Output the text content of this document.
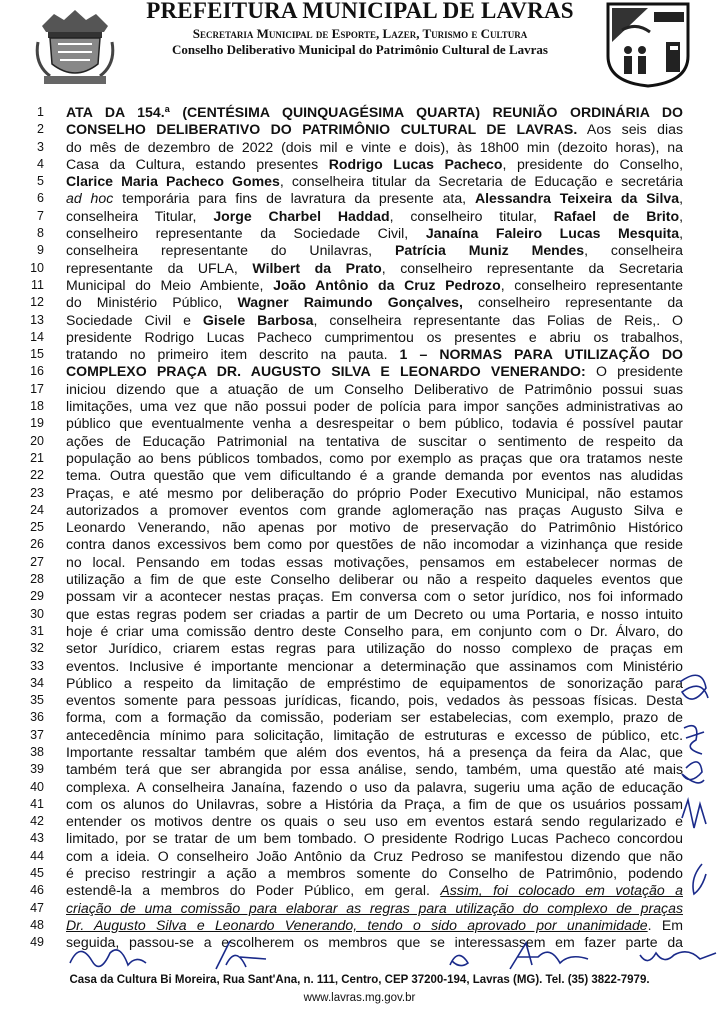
PREFEITURA MUNICIPAL DE LAVRAS
Secretaria Municipal de Esporte, Lazer, Turismo e Cultura
Conselho Deliberativo Municipal do Patrimônio Cultural de Lavras
1 ATA DA 154.ª (CENTÉSIMA QUINQUAGÉSIMA QUARTA) REUNIÃO ORDINÁRIA DO
2 CONSELHO DELIBERATIVO DO PATRIMÔNIO CULTURAL DE LAVRAS. Aos seis dias
3 do mês de dezembro de 2022 (dois mil e vinte e dois), às 18h00 min (dezoito horas), na
4 Casa da Cultura, estando presentes Rodrigo Lucas Pacheco, presidente do Conselho,
5 Clarice Maria Pacheco Gomes, conselheira titular da Secretaria de Educação e secretária
6 ad hoc temporária para fins de lavratura da presente ata, Alessandra Teixeira da Silva,
7 conselheira Titular, Jorge Charbel Haddad, conselheiro titular, Rafael de Brito,
8 conselheiro representante da Sociedade Civil, Janaína Faleiro Lucas Mesquita,
9 conselheira representante do Unilavras, Patrícia Muniz Mendes, conselheira
10 representante da UFLA, Wilbert da Prato, conselheiro representante da Secretaria
11 Municipal do Meio Ambiente, João Antônio da Cruz Pedrozo, conselheiro representante
12 do Ministério Público, Wagner Raimundo Gonçalves, conselheiro representante da
13 Sociedade Civil e Gisele Barbosa, conselheira representante das Folias de Reis,. O
14 presidente Rodrigo Lucas Pacheco cumprimentou os presentes e abriu os trabalhos,
15 tratando no primeiro item descrito na pauta. 1 – NORMAS PARA UTILIZAÇÃO DO
16 COMPLEXO PRAÇA DR. AUGUSTO SILVA E LEONARDO VENERANDO: O presidente
17 iniciou dizendo que a atuação de um Conselho Deliberativo de Patrimônio possui suas
18 limitações, uma vez que não possui poder de polícia para impor sanções administrativas ao
19 público que eventualmente venha a desrespeitar o bem público, todavia é possível pautar
20 ações de Educação Patrimonial na tentativa de suscitar o sentimento de respeito da
21 população ao bens públicos tombados, como por exemplo as praças que ora tratamos neste
22 tema. Outra questão que vem dificultando é a grande demanda por eventos nas aludidas
23 Praças, e até mesmo por deliberação do próprio Poder Executivo Municipal, não estamos
24 autorizados a promover eventos com grande aglomeração nas praças Augusto Silva e
25 Leonardo Venerando, não apenas por motivo de preservação do Patrimônio Histórico
26 contra danos excessivos bem como por questões de não incomodar a vizinhança que reside
27 no local. Pensando em todas essas motivações, pensamos em estabelecer normas de
28 utilização a fim de que este Conselho deliberar ou não a respeito daqueles eventos que
29 possam vir a acontecer nestas praças. Em conversa com o setor jurídico, nos foi informado
30 que estas regras podem ser criadas a partir de um Decreto ou uma Portaria, e nosso intuito
31 hoje é criar uma comissão dentro deste Conselho para, em conjunto com o Dr. Álvaro, do
32 setor Jurídico, criarem estas regras para utilização do nosso complexo de praças em
33 eventos. Inclusive é importante mencionar a determinação que assinamos com Ministério
34 Público a respeito da limitação de empréstimo de equipamentos de sonorização para
35 eventos somente para pessoas jurídicas, ficando, pois, vedados às pessoas físicas. Desta
36 forma, com a formação da comissão, poderiam ser estabelecias, com exemplo, prazo de
37 antecedência mínimo para solicitação, limitação de estruturas e excesso de público, etc.
38 Importante ressaltar também que além dos eventos, há a presença da feira da Alac, que
39 também terá que ser abrangida por essa análise, sendo, também, uma questão até mais
40 complexa. A conselheira Janaína, fazendo o uso da palavra, sugeriu uma ação de educação
41 com os alunos do Unilavras, sobre a História da Praça, a fim de que os usuários possam
42 entender os motivos dentre os quais o seu uso em eventos estará sendo regularizado e
43 limitado, por se tratar de um bem tombado. O presidente Rodrigo Lucas Pacheco concordou
44 com a ideia. O conselheiro João Antônio da Cruz Pedroso se manifestou dizendo que não
45 é preciso restringir a ação a membros somente do Conselho de Patrimônio, podendo
46 estendê-la a membros do Poder Público, em geral. Assim, foi colocado em votação a
47 criação de uma comissão para elaborar as regras para utilização do complexo de praças
48 Dr. Augusto Silva e Leonardo Venerando, tendo o sido aprovado por unanimidade. Em
49 seguida, passou-se a escolherem os membros que se interessassem em fazer parte da
Casa da Cultura Bi Moreira, Rua Sant'Ana, n. 111, Centro, CEP 37200-194, Lavras (MG). Tel. (35) 3822-7979.
www.lavras.mg.gov.br
